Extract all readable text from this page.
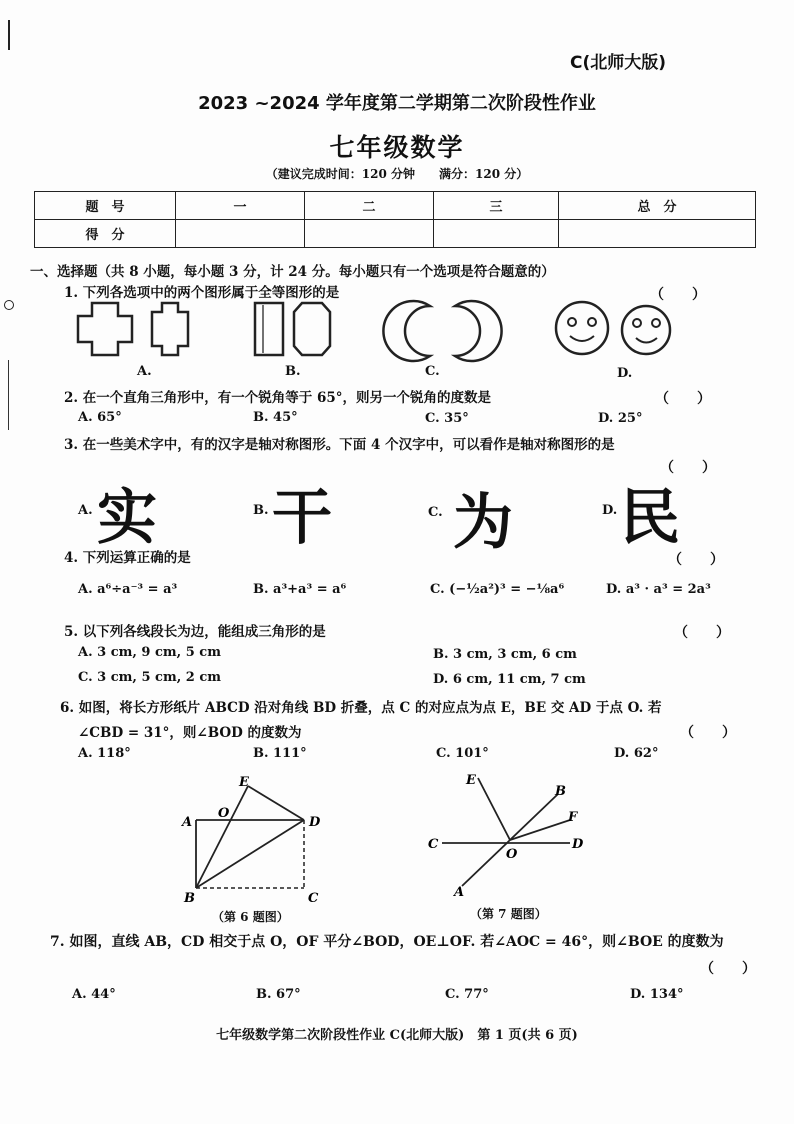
C(北师大版)
2023 ~2024 学年度第二学期第二次阶段性作业
七年级数学
（建议完成时间：120 分钟　　满分：120 分）
题　号	一	二	三	总　分
得　分				
一、选择题（共 8 小题，每小题 3 分，计 24 分。每小题只有一个选项是符合题意的）
1. 下列各选项中的两个图形属于全等图形的是	（　　）
A.	B.	C.	D.
2. 在一个直角三角形中，有一个锐角等于 65°，则另一个锐角的度数是	（　　）
A. 65°	B. 45°	C. 35°	D. 25°
3. 在一些美术字中，有的汉字是轴对称图形。下面 4 个汉字中，可以看作是轴对称图形的是
（　　）
A. 实	B. 干	C. 为	D. 民
4. 下列运算正确的是	（　　）
A. a⁶÷a⁻³ = a³	B. a³+a³ = a⁶	C. (−½a²)³ = −⅛a⁶	D. a³ · a³ = 2a³
5. 以下列各线段长为边，能组成三角形的是	（　　）
A. 3 cm, 9 cm, 5 cm	B. 3 cm, 3 cm, 6 cm
C. 3 cm, 5 cm, 2 cm	D. 6 cm, 11 cm, 7 cm
6. 如图，将长方形纸片 ABCD 沿对角线 BD 折叠，点 C 的对应点为点 E，BE 交 AD 于点 O. 若
∠CBD = 31°，则∠BOD 的度数为	（　　）
A. 118°	B. 111°	C. 101°	D. 62°
E
O
A	D
B	C
（第 6 题图）
E
B
F
C
O
D
A
（第 7 题图）
7. 如图，直线 AB，CD 相交于点 O，OF 平分∠BOD，OE⊥OF. 若∠AOC = 46°，则∠BOE 的度数为
（　　）
A. 44°	B. 67°	C. 77°	D. 134°
七年级数学第二次阶段性作业 C(北师大版)　第 1 页(共 6 页)
